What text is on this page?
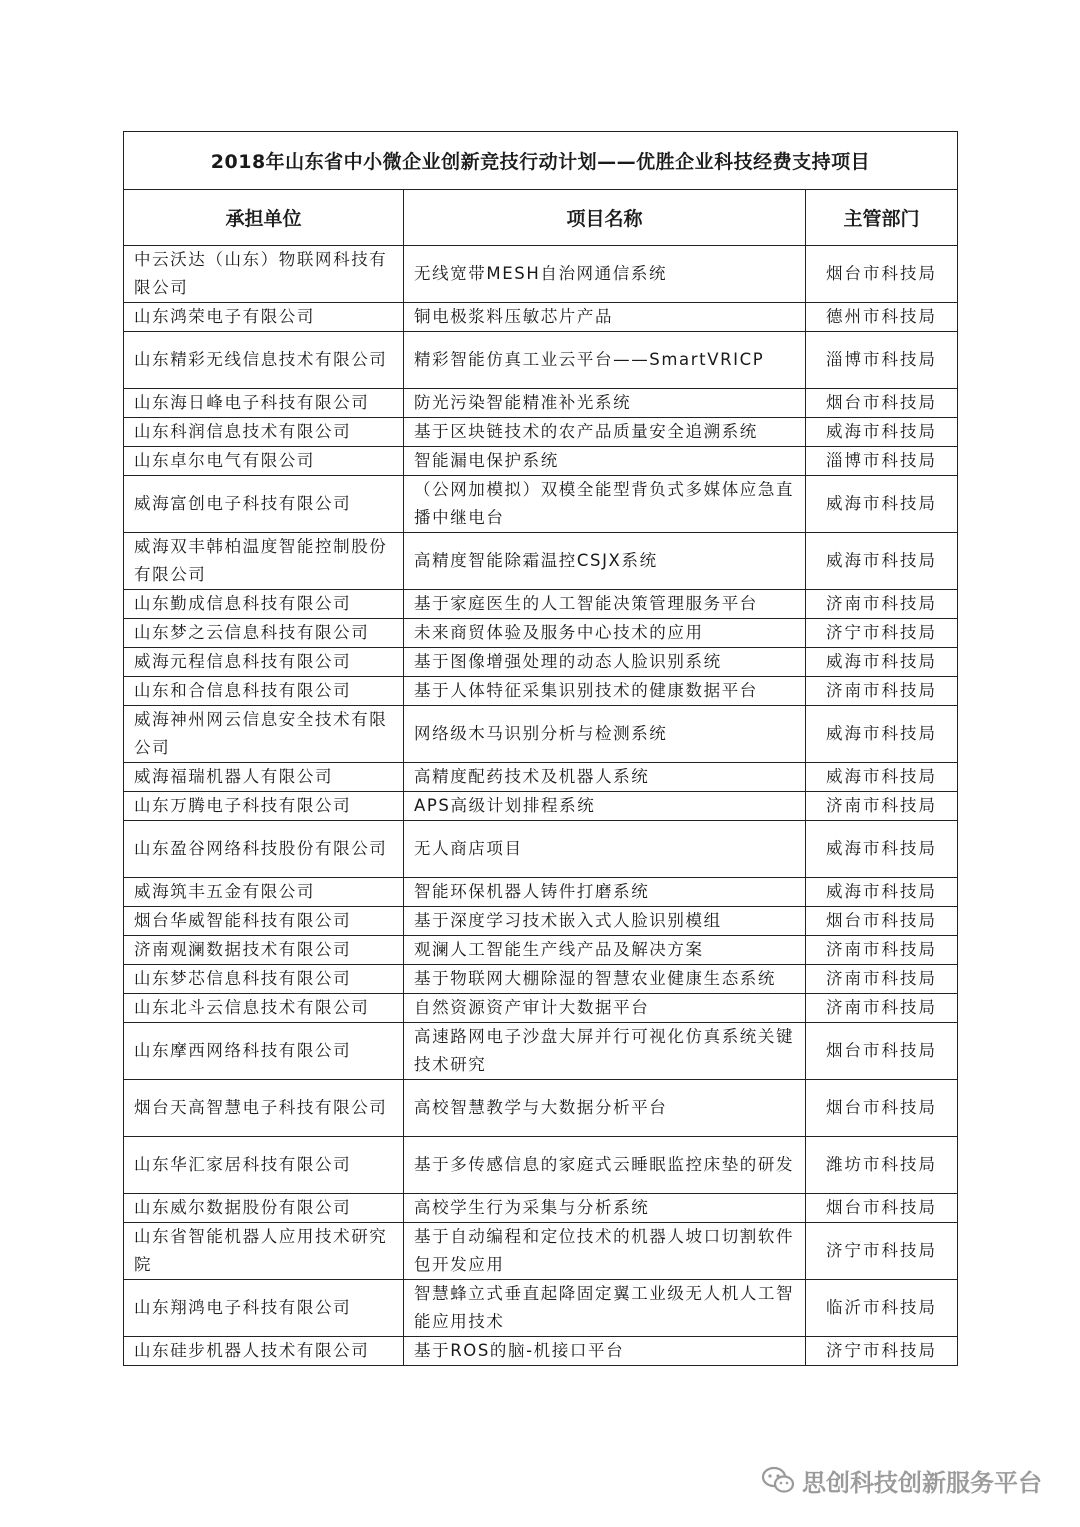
2018年山东省中小微企业创新竞技行动计划——优胜企业科技经费支持项目		
承担单位	项目名称	主管部门
中云沃达（山东）物联网科技有限公司	无线宽带MESH自治网通信系统	烟台市科技局
山东鸿荣电子有限公司	铜电极浆料压敏芯片产品	德州市科技局
山东精彩无线信息技术有限公司	精彩智能仿真工业云平台——SmartVRICP	淄博市科技局
山东海日峰电子科技有限公司	防光污染智能精准补光系统	烟台市科技局
山东科润信息技术有限公司	基于区块链技术的农产品质量安全追溯系统	威海市科技局
山东卓尔电气有限公司	智能漏电保护系统	淄博市科技局
威海富创电子科技有限公司	（公网加模拟）双模全能型背负式多媒体应急直播中继电台	威海市科技局
威海双丰韩柏温度智能控制股份有限公司	高精度智能除霜温控CSJX系统	威海市科技局
山东勤成信息科技有限公司	基于家庭医生的人工智能决策管理服务平台	济南市科技局
山东梦之云信息科技有限公司	未来商贸体验及服务中心技术的应用	济宁市科技局
威海元程信息科技有限公司	基于图像增强处理的动态人脸识别系统	威海市科技局
山东和合信息科技有限公司	基于人体特征采集识别技术的健康数据平台	济南市科技局
威海神州网云信息安全技术有限公司	网络级木马识别分析与检测系统	威海市科技局
威海福瑞机器人有限公司	高精度配药技术及机器人系统	威海市科技局
山东万腾电子科技有限公司	APS高级计划排程系统	济南市科技局
山东盈谷网络科技股份有限公司	无人商店项目	威海市科技局
威海筑丰五金有限公司	智能环保机器人铸件打磨系统	威海市科技局
烟台华威智能科技有限公司	基于深度学习技术嵌入式人脸识别模组	烟台市科技局
济南观澜数据技术有限公司	观澜人工智能生产线产品及解决方案	济南市科技局
山东梦芯信息科技有限公司	基于物联网大棚除湿的智慧农业健康生态系统	济南市科技局
山东北斗云信息技术有限公司	自然资源资产审计大数据平台	济南市科技局
山东摩西网络科技有限公司	高速路网电子沙盘大屏并行可视化仿真系统关键技术研究	烟台市科技局
烟台天高智慧电子科技有限公司	高校智慧教学与大数据分析平台	烟台市科技局
山东华汇家居科技有限公司	基于多传感信息的家庭式云睡眠监控床垫的研发	潍坊市科技局
山东威尔数据股份有限公司	高校学生行为采集与分析系统	烟台市科技局
山东省智能机器人应用技术研究院	基于自动编程和定位技术的机器人坡口切割软件包开发应用	济宁市科技局
山东翔鸿电子科技有限公司	智慧蜂立式垂直起降固定翼工业级无人机人工智能应用技术	临沂市科技局
山东硅步机器人技术有限公司	基于ROS的脑-机接口平台	济宁市科技局
思创科技创新服务平台
